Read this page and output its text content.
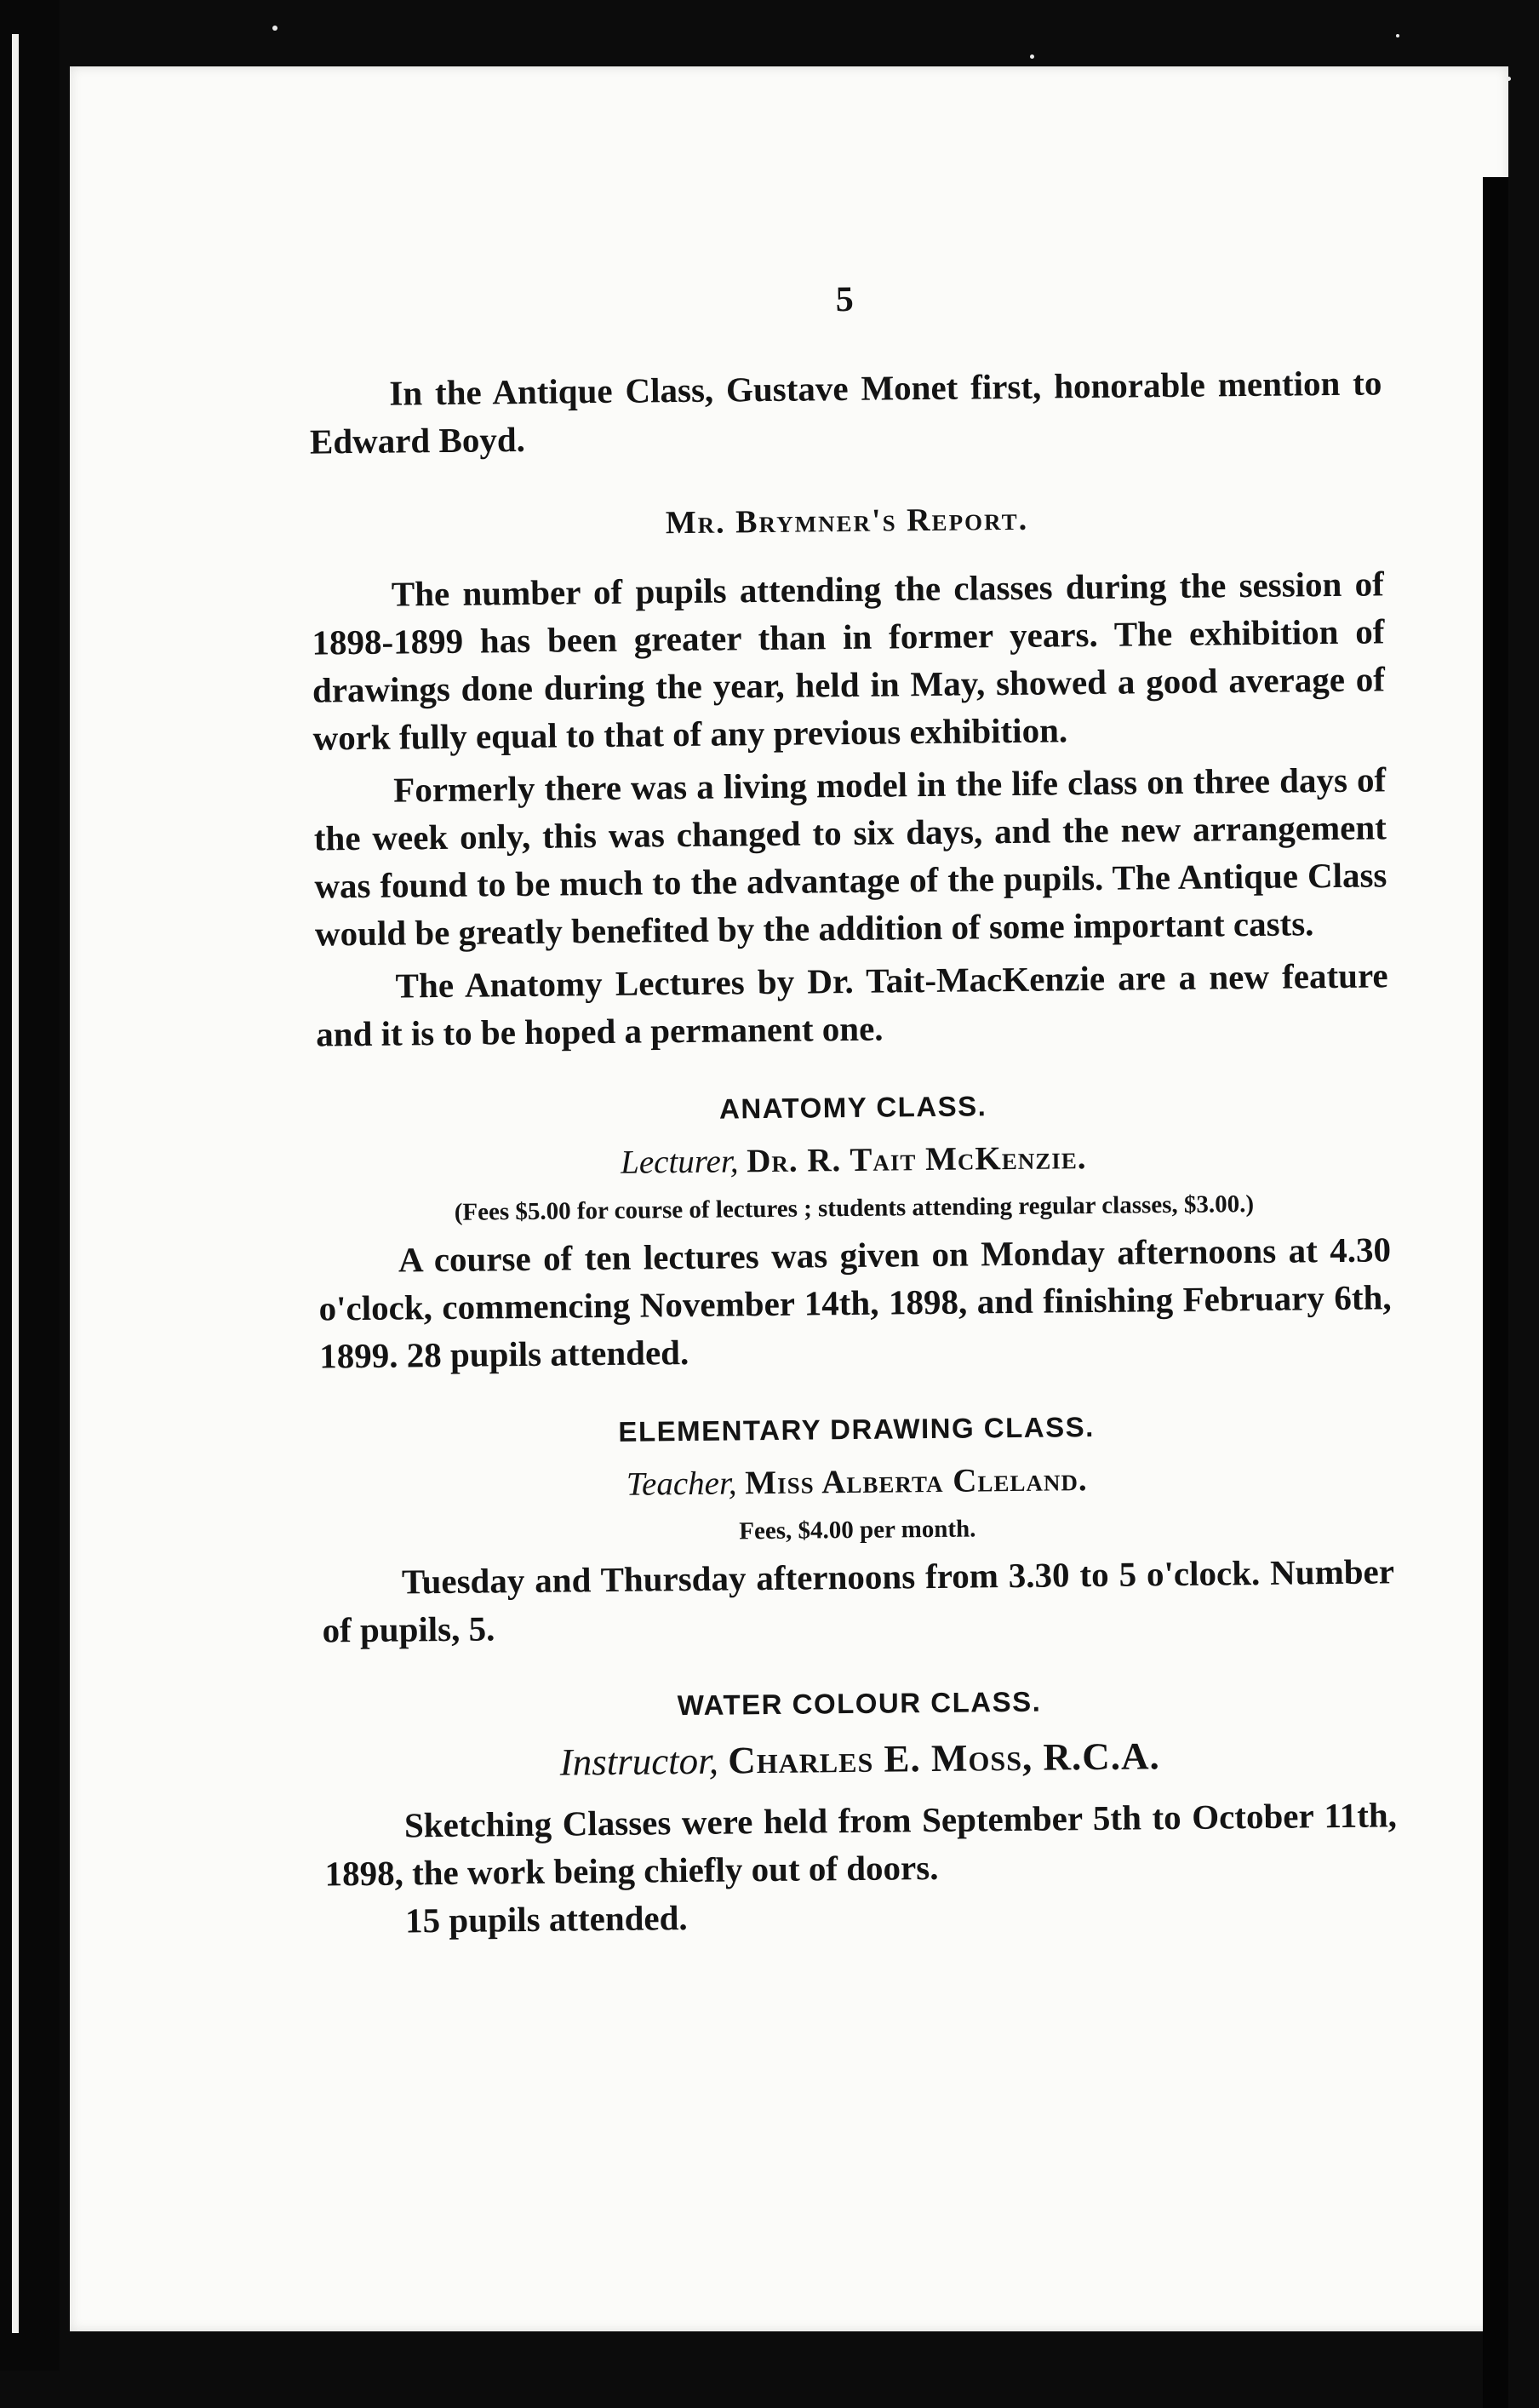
5

In the Antique Class, Gustave Monet first, honorable mention to Edward Boyd.

Mr. Brymner's Report.

The number of pupils attending the classes during the session of 1898-1899 has been greater than in former years. The exhibition of drawings done during the year, held in May, showed a good average of work fully equal to that of any previous exhibition.

Formerly there was a living model in the life class on three days of the week only, this was changed to six days, and the new arrangement was found to be much to the advantage of the pupils. The Antique Class would be greatly benefited by the addition of some important casts.

The Anatomy Lectures by Dr. Tait-MacKenzie are a new feature and it is to be hoped a permanent one.

ANATOMY CLASS.
Lecturer, Dr. R. Tait McKenzie.
(Fees $5.00 for course of lectures ; students attending regular classes, $3.00.)

A course of ten lectures was given on Monday afternoons at 4.30 o'clock, commencing November 14th, 1898, and finishing February 6th, 1899. 28 pupils attended.

ELEMENTARY DRAWING CLASS.
Teacher, Miss Alberta Cleland.
Fees, $4.00 per month.

Tuesday and Thursday afternoons from 3.30 to 5 o'clock. Number of pupils, 5.

WATER COLOUR CLASS.
Instructor, Charles E. Moss, R.C.A.

Sketching Classes were held from September 5th to October 11th, 1898, the work being chiefly out of doors.

15 pupils attended.
